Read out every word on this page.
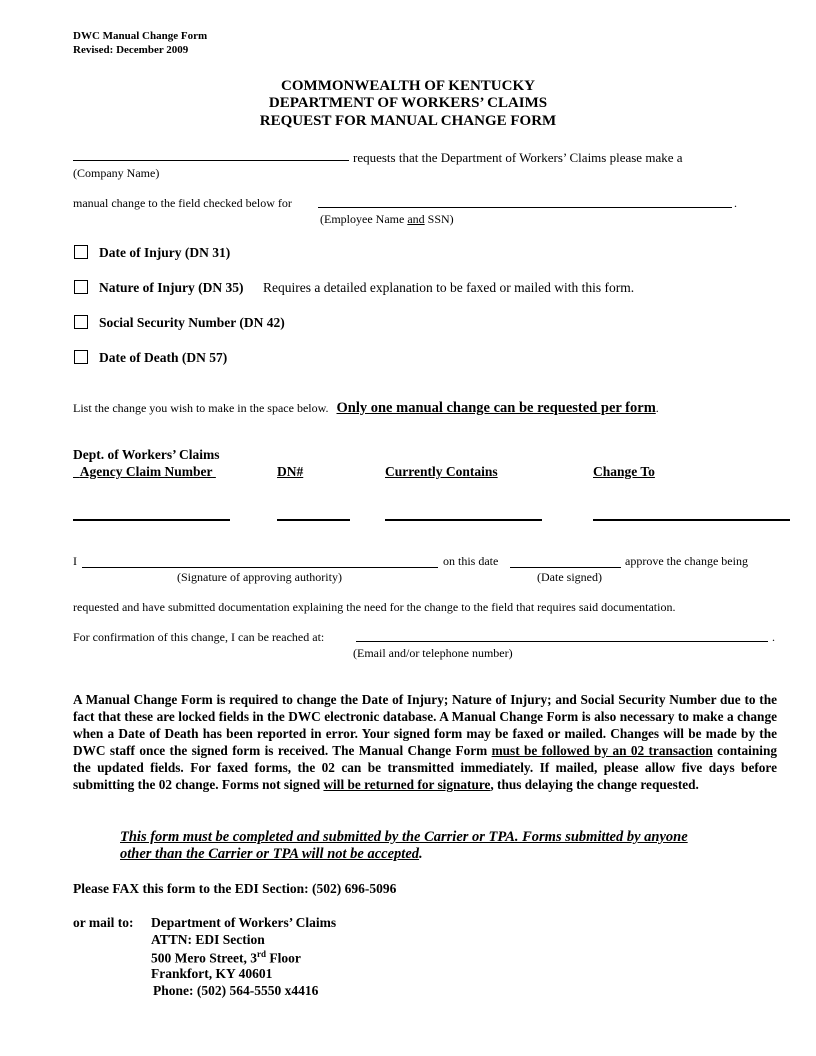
DWC Manual Change Form
Revised: December 2009
COMMONWEALTH OF KENTUCKY
DEPARTMENT OF WORKERS’ CLAIMS
REQUEST FOR MANUAL CHANGE FORM
requests that the Department of Workers’ Claims please make a
(Company Name)
manual change to the field checked below for	.
(Employee Name and SSN)
Date of Injury (DN 31)
Nature of Injury (DN 35) Requires a detailed explanation to be faxed or mailed with this form.
Social Security Number (DN 42)
Date of Death (DN 57)
List the change you wish to make in the space below. Only one manual change can be requested per form.
Dept. of Workers’ Claims
Agency Claim Number	DN#	Currently Contains	Change To
I	on this date	approve the change being
(Signature of approving authority)	(Date signed)
requested and have submitted documentation explaining the need for the change to the field that requires said documentation.
For confirmation of this change, I can be reached at:	.
(Email and/or telephone number)
A Manual Change Form is required to change the Date of Injury; Nature of Injury; and Social Security Number due to the fact that these are locked fields in the DWC electronic database. A Manual Change Form is also necessary to make a change when a Date of Death has been reported in error. Your signed form may be faxed or mailed. Changes will be made by the DWC staff once the signed form is received. The Manual Change Form must be followed by an 02 transaction containing the updated fields. For faxed forms, the 02 can be transmitted immediately. If mailed, please allow five days before submitting the 02 change. Forms not signed will be returned for signature, thus delaying the change requested.
This form must be completed and submitted by the Carrier or TPA. Forms submitted by anyone other than the Carrier or TPA will not be accepted.
Please FAX this form to the EDI Section: (502) 696-5096
or mail to: Department of Workers’ Claims
ATTN: EDI Section
500 Mero Street, 3rd Floor
Frankfort, KY 40601
Phone: (502) 564-5550 x4416
